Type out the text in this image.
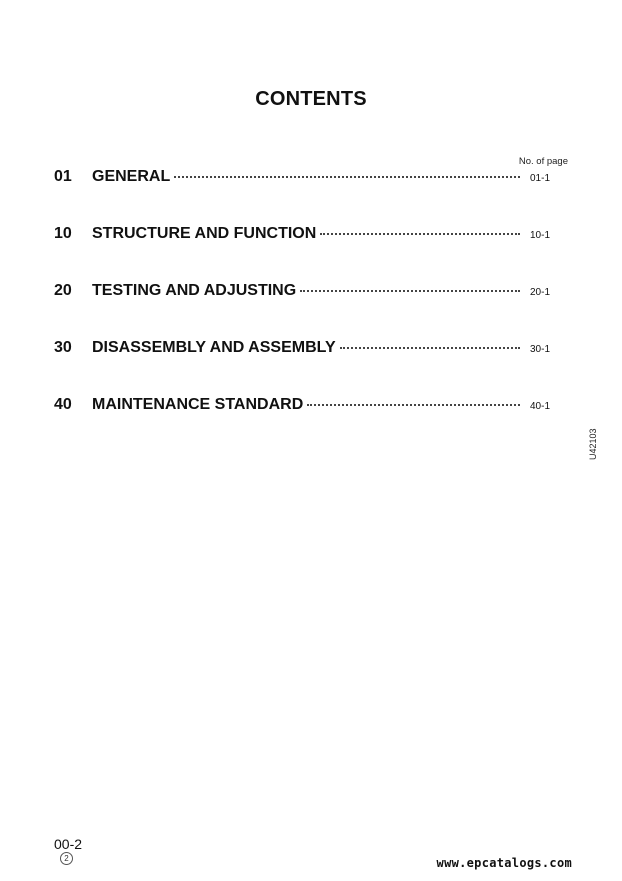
CONTENTS
No. of page
01	GENERAL	01-1
10	STRUCTURE AND FUNCTION	10-1
20	TESTING AND ADJUSTING	20-1
30	DISASSEMBLY AND ASSEMBLY	30-1
40	MAINTENANCE STANDARD	40-1
U42103
00-2
2	www.epcatalogs.com
